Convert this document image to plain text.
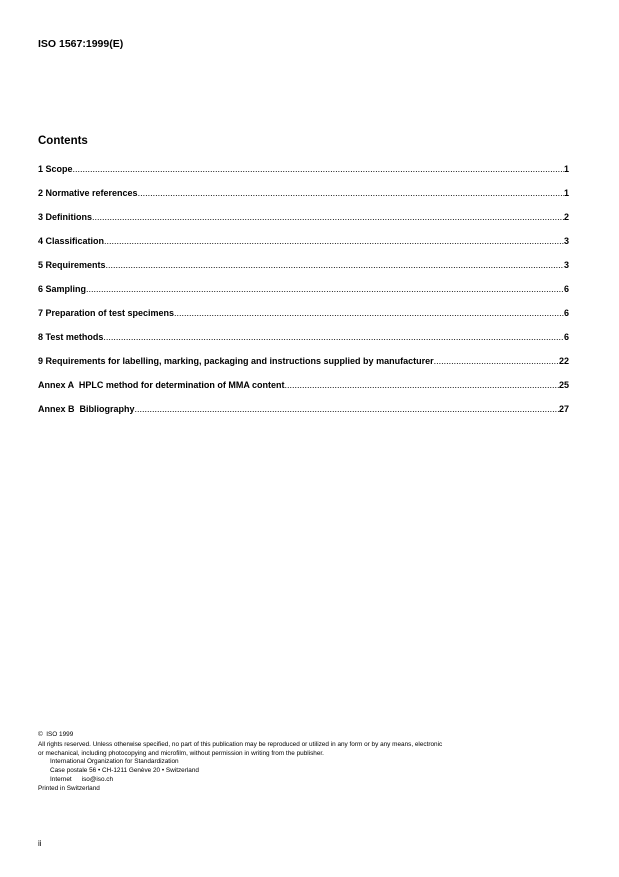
ISO 1567:1999(E)

Contents
1 Scope .....	1
2 Normative references .....	1
3 Definitions .....	2
4 Classification .....	3
5 Requirements .....	3
6 Sampling .....	6
7 Preparation of test specimens .....	6
8 Test methods .....	6
9 Requirements for labelling, marking, packaging and instructions supplied by manufacturer .....	22
Annex A  HPLC method for determination of MMA content .....	25
Annex B  Bibliography .....	27

©  ISO 1999

All rights reserved. Unless otherwise specified, no part of this publication may be reproduced or utilized in any form or by any means, electronic

or mechanical, including photocopying and microfilm, without permission in writing from the publisher.

International Organization for Standardization

Case postale 56 • CH-1211 Genève 20 • Switzerland

Internet iso@iso.ch

Printed in Switzerland

ii
